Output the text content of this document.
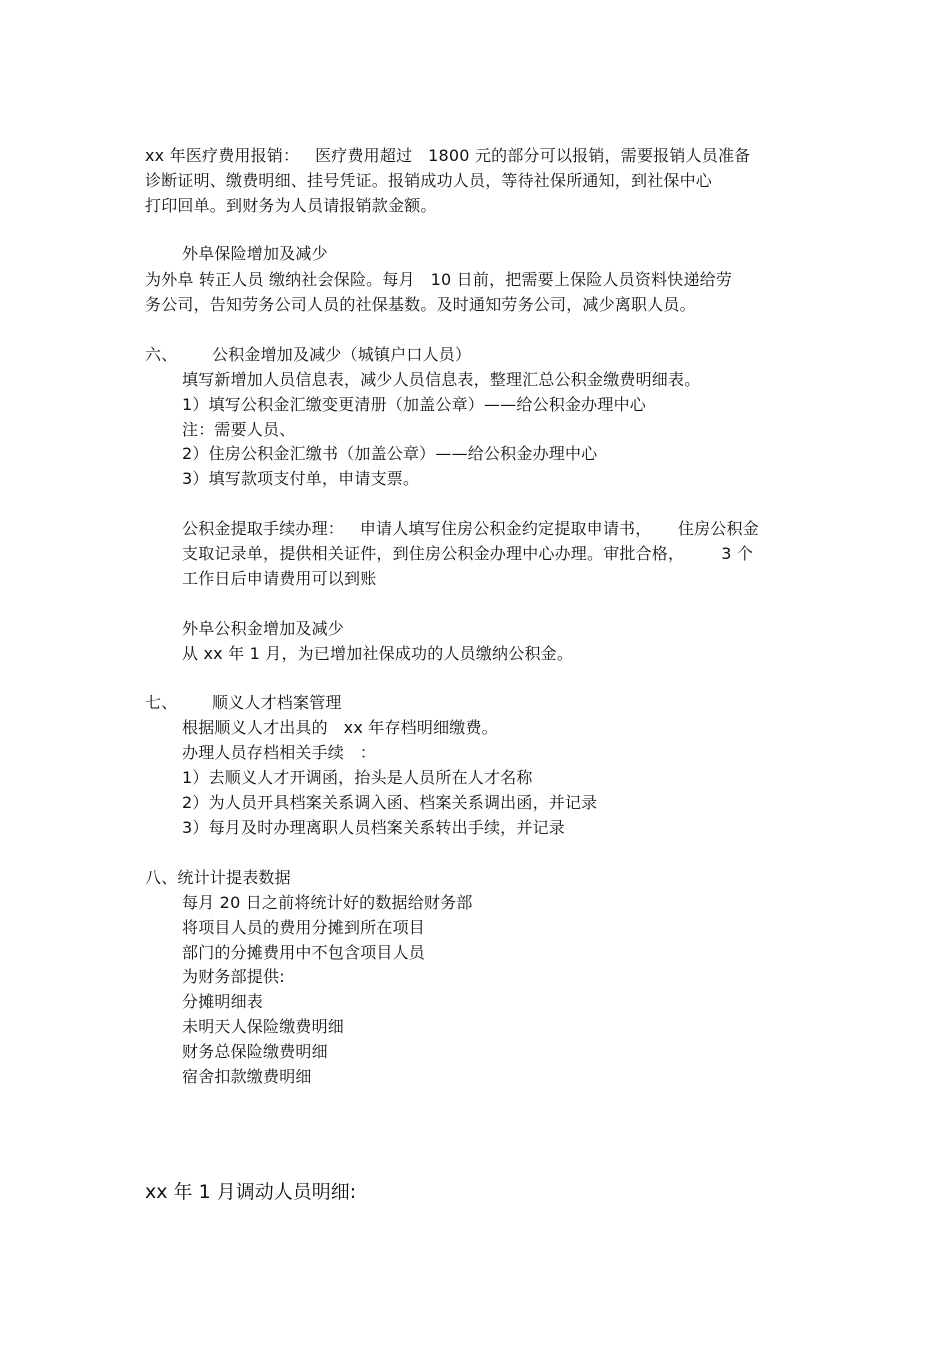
xx 年医疗费用报销：   医疗费用超过   1800 元的部分可以报销，需要报销人员准备
诊断证明、缴费明细、挂号凭证。报销成功人员，等待社保所通知，到社保中心
打印回单。到财务为人员请报销款金额。
外阜保险增加及减少
为外阜 转正人员 缴纳社会保险。每月   10 日前，把需要上保险人员资料快递给劳
务公司，告知劳务公司人员的社保基数。及时通知劳务公司，减少离职人员。
六、 公积金增加及减少（城镇户口人员）
填写新增加人员信息表，减少人员信息表，整理汇总公积金缴费明细表。
1）填写公积金汇缴变更清册（加盖公章）——给公积金办理中心
注：需要人员、
2）住房公积金汇缴书（加盖公章）——给公积金办理中心
3）填写款项支付单，申请支票。
公积金提取手续办理：   申请人填写住房公积金约定提取申请书，     住房公积金
支取记录单，提供相关证件，到住房公积金办理中心办理。审批合格，       3 个
工作日后申请费用可以到账
外阜公积金增加及减少
从 xx 年 1 月，为已增加社保成功的人员缴纳公积金。
七、 顺义人才档案管理
根据顺义人才出具的   xx 年存档明细缴费。
办理人员存档相关手续   ：
1）去顺义人才开调函，抬头是人员所在人才名称
2）为人员开具档案关系调入函、档案关系调出函，并记录
3）每月及时办理离职人员档案关系转出手续，并记录
八、统计计提表数据
每月 20 日之前将统计好的数据给财务部
将项目人员的费用分摊到所在项目
部门的分摊费用中不包含项目人员
为财务部提供:
分摊明细表
未明天人保险缴费明细
财务总保险缴费明细
宿舍扣款缴费明细
xx 年 1 月调动人员明细:
